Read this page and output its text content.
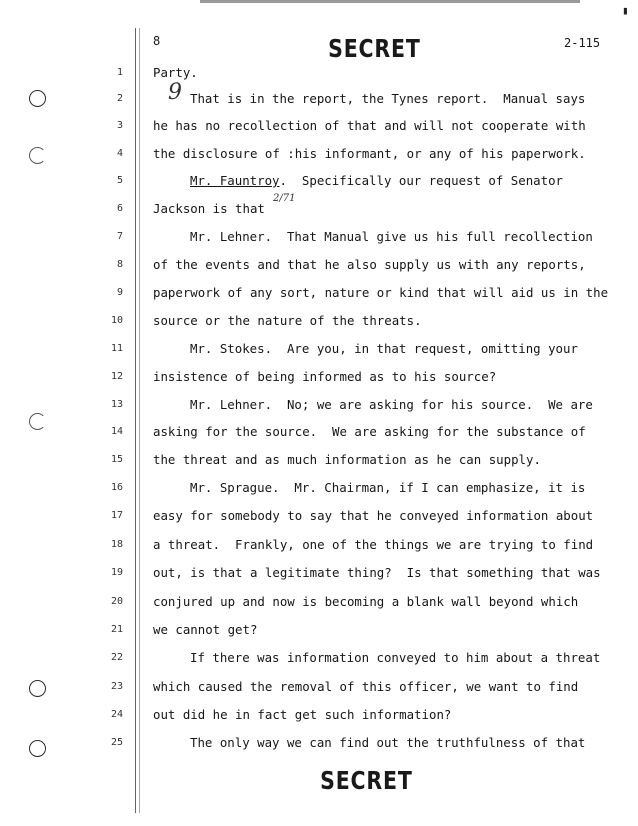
▮
8	2-115
SECRET
SECRET
1 Party.
2	That is in the report, the Tynes report.  Manual says
3 he has no recollection of that and will not cooperate with
4 the disclosure of :his informant, or any of his paperwork.
5	Mr. Fauntroy.  Specifically our request of Senator
6 Jackson is that
7	Mr. Lehner.  That Manual give us his full recollection
8 of the events and that he also supply us with any reports,
9 paperwork of any sort, nature or kind that will aid us in the
10 source or the nature of the threats.
11	Mr. Stokes.  Are you, in that request, omitting your
12 insistence of being informed as to his source?
13	Mr. Lehner.  No; we are asking for his source.  We are
14 asking for the source.  We are asking for the substance of
15 the threat and as much information as he can supply.
16	Mr. Sprague.  Mr. Chairman, if I can emphasize, it is
17 easy for somebody to say that he conveyed information about
18 a threat.  Frankly, one of the things we are trying to find
19 out, is that a legitimate thing?  Is that something that was
20 conjured up and now is becoming a blank wall beyond which
21 we cannot get?
22	If there was information conveyed to him about a threat
23 which caused the removal of this officer, we want to find
24 out did he in fact get such information?
25	The only way we can find out the truthfulness of that
9
2/71
